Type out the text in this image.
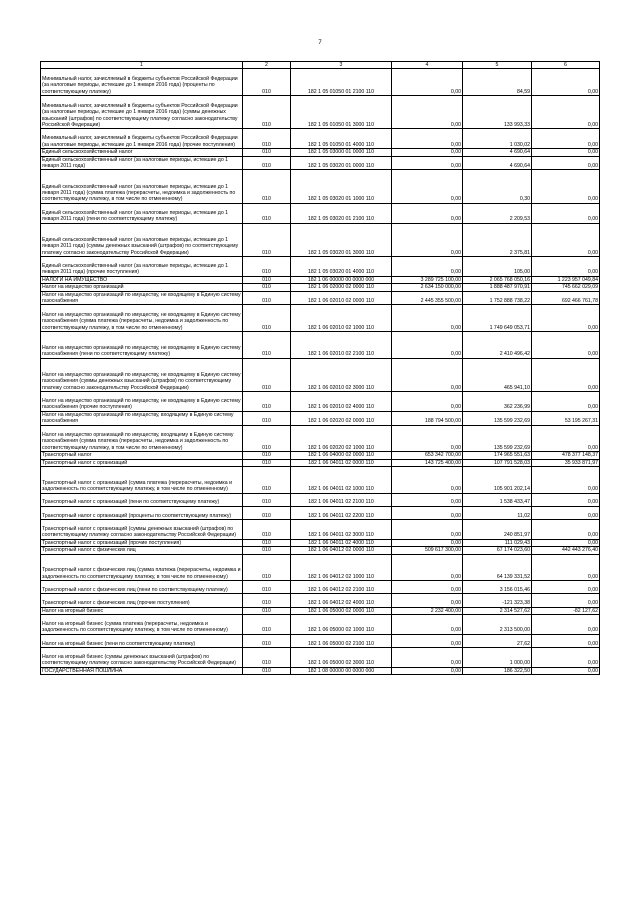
7
1	2	3	4	5	6
Минимальный налог, зачисляемый в бюджеты субъектов Российской Федерации (за налоговые периоды, истекшие до 1 января 2016 года) (проценты по соответствующему платежу)	010	182 1 05 01050 01 2100 110	0,00	84,59	0,00
Минимальный налог, зачисляемый в бюджеты субъектов Российской Федерации (за налоговые периоды, истекшие до 1 января 2016 года) (суммы денежных взысканий (штрафов) по соответствующему платежу согласно законодательству Российской Федерации)	010	182 1 05 01050 01 3000 110	0,00	133 993,33	0,00
Минимальный налог, зачисляемый в бюджеты субъектов Российской Федерации (за налоговые периоды, истекшие до 1 января 2016 года) (прочие поступления)	010	182 1 05 01050 01 4000 110	0,00	1 030,02	0,00
Единый сельскохозяйственный налог	010	182 1 05 03000 01 0000 110	0,00	4 690,64	0,00
Единый сельскохозяйственный налог (за налоговые периоды, истекшие до 1 января 2011 года)	010	182 1 05 03020 01 0000 110	0,00	4 690,64	0,00
Единый сельскохозяйственный налог (за налоговые периоды, истекшие до 1 января 2011 года) (сумма платежа (перерасчеты, недоимка и задолженность по соответствующему платежу, в том числе по отмененному)	010	182 1 05 03020 01 1000 110	0,00	0,30	0,00
Единый сельскохозяйственный налог (за налоговые периоды, истекшие до 1 января 2011 года) (пени по соответствующему платежу)	010	182 1 05 03020 01 2100 110	0,00	2 209,53	0,00
Единый сельскохозяйственный налог (за налоговые периоды, истекшие до 1 января 2011 года) (суммы денежных взысканий (штрафов) по соответствующему платежу согласно законодательству Российской Федерации)	010	182 1 05 03020 01 3000 110	0,00	2 375,81	0,00
Единый сельскохозяйственный налог (за налоговые периоды, истекшие до 1 января 2011 года) (прочие поступления)	010	182 1 05 03020 01 4000 110	0,00	105,00	0,00
НАЛОГИ НА ИМУЩЕСТВО	010	182 1 06 00000 00 0000 000	3 289 725 100,00	2 065 768 050,16	1 223 957 049,84
Налог на имущество организаций	010	182 1 06 02000 02 0000 110	2 634 150 000,00	1 888 487 970,91	745 662 029,09
Налог на имущество организаций по имуществу, не входящему в Единую систему газоснабжения	010	182 1 06 02010 02 0000 110	2 445 355 500,00	1 752 888 738,22	692 466 761,78
Налог на имущество организаций по имуществу, не входящему в Единую систему газоснабжения (сумма платежа (перерасчеты, недоимка и задолженность по соответствующему платежу, в том числе по отмененному)	010	182 1 06 02010 02 1000 110	0,00	1 749 649 053,71	0,00
Налог на имущество организаций по имуществу, не входящему в Единую систему газоснабжения (пени по соответствующему платежу)	010	182 1 06 02010 02 2100 110	0,00	2 410 496,42	0,00
Налог на имущество организаций по имуществу, не входящему в Единую систему газоснабжения (суммы денежных взысканий (штрафов) по соответствующему платежу согласно законодательству Российской Федерации)	010	182 1 06 02010 02 3000 110	0,00	465 941,10	0,00
Налог на имущество организаций по имуществу, не входящему в Единую систему газоснабжения (прочие поступления)	010	182 1 06 02010 02 4000 110	0,00	362 236,99	0,00
Налог на имущество организаций по имуществу, входящему в Единую систему газоснабжения	010	182 1 06 02020 02 0000 110	188 794 500,00	135 599 232,69	53 195 267,31
Налог на имущество организаций по имуществу, входящему в Единую систему газоснабжения (сумма платежа (перерасчеты, недоимка и задолженность по соответствующему платежу, в том числе по отмененному)	010	182 1 06 02020 02 1000 110	0,00	135 599 232,69	0,00
Транспортный налог	010	182 1 06 04000 02 0000 110	653 342 700,00	174 965 551,63	478 377 148,37
Транспортный налог с организаций	010	182 1 06 04011 02 0000 110	143 725 400,00	107 791 528,03	35 933 871,97
Транспортный налог с организаций (сумма платежа (перерасчеты, недоимка и задолженность по соответствующему платежу, в том числе по отмененному)	010	182 1 06 04011 02 1000 110	0,00	105 901 202,14	0,00
Транспортный налог с организаций (пени по соответствующему платежу)	010	182 1 06 04011 02 2100 110	0,00	1 538 433,47	0,00
Транспортный налог с организаций (проценты по соответствующему платежу)	010	182 1 06 04011 02 2200 110	0,00	11,02	0,00
Транспортный налог с организаций (суммы денежных взысканий (штрафов) по соответствующему платежу согласно законодательству Российской Федерации)	010	182 1 06 04011 02 3000 110	0,00	240 851,97	0,00
Транспортный налог с организаций (прочие поступления)	010	182 1 06 04011 02 4000 110	0,00	111 029,43	0,00
Транспортный налог с физических лиц	010	182 1 06 04012 02 0000 110	509 617 300,00	67 174 023,60	442 443 276,40
Транспортный налог с физических лиц (сумма платежа (перерасчеты, недоимка и задолженность по соответствующему платежу, в том числе по отмененному)	010	182 1 06 04012 02 1000 110	0,00	64 139 331,52	0,00
Транспортный налог с физических лиц (пени по соответствующему платежу)	010	182 1 06 04012 02 2100 110	0,00	3 156 015,46	0,00
Транспортный налог с физических лиц (прочие поступления)	010	182 1 06 04012 02 4000 110	0,00	-121 323,38	0,00
Налог на игорный бизнес	010	182 1 06 05000 02 0000 110	2 232 400,00	2 314 527,62	-82 127,62
Налог на игорный бизнес (сумма платежа (перерасчеты, недоимка и задолженность по соответствующему платежу, в том числе по отмененному)	010	182 1 06 05000 02 1000 110	0,00	2 313 500,00	0,00
Налог на игорный бизнес (пени по соответствующему платежу)	010	182 1 06 05000 02 2100 110	0,00	27,62	0,00
Налог на игорный бизнес (суммы денежных взысканий (штрафов) по соответствующему платежу согласно законодательству Российской Федерации)	010	182 1 06 05000 02 3000 110	0,00	1 000,00	0,00
ГОСУДАРСТВЕННАЯ ПОШЛИНА	010	182 1 08 00000 00 0000 000	0,00	186 322,50	0,00
